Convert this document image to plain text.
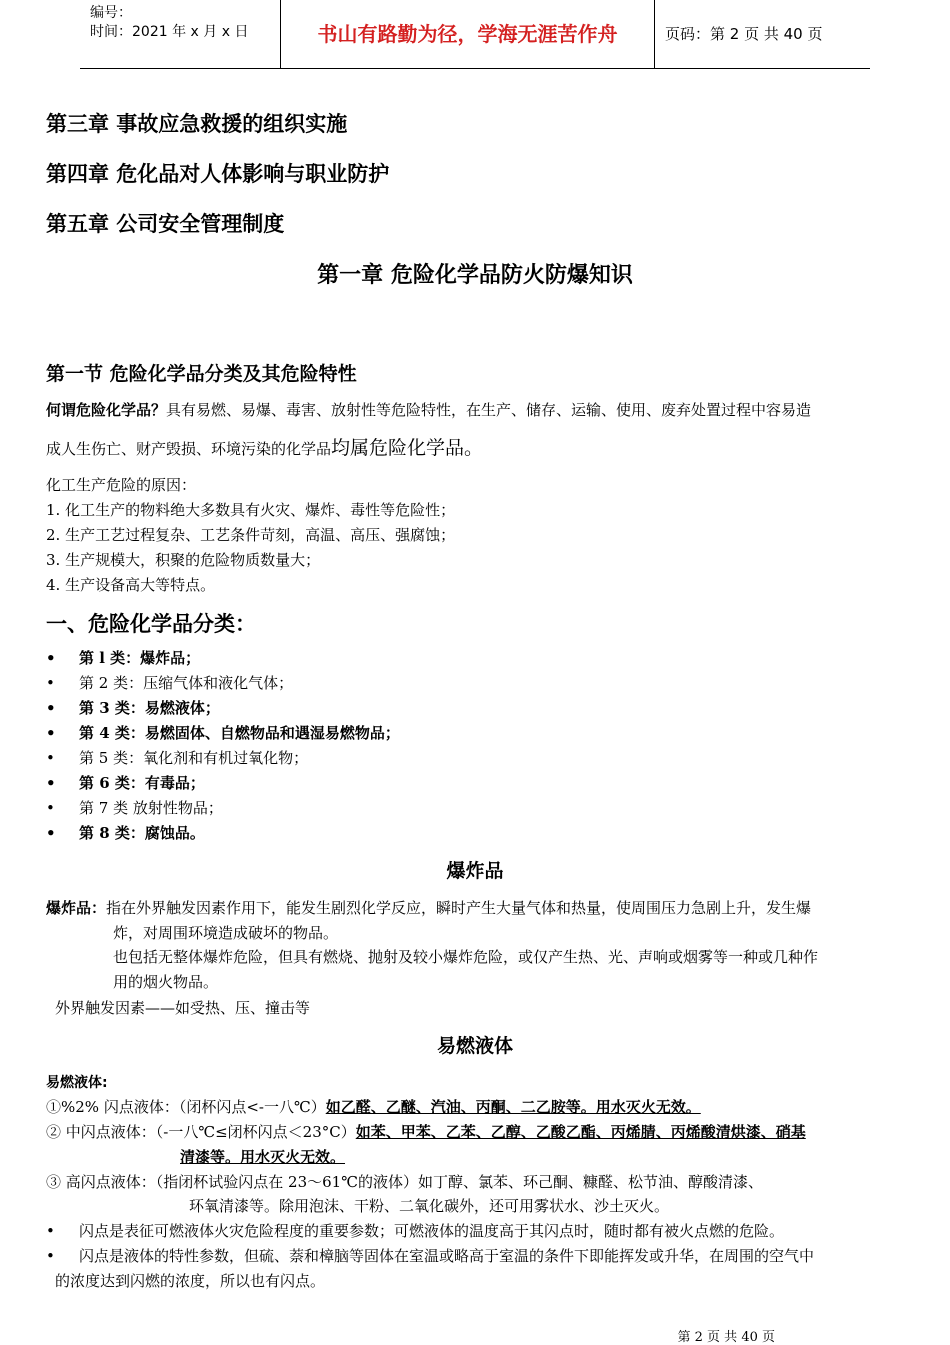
编号：
时间：2021 年 x 月 x 日	书山有路勤为径，学海无涯苦作舟	页码：第 2 页 共 40 页
第三章 事故应急救援的组织实施
第四章 危化品对人体影响与职业防护
第五章 公司安全管理制度
第一章 危险化学品防火防爆知识
第一节 危险化学品分类及其危险特性
何谓危险化学品？具有易燃、易爆、毒害、放射性等危险特性，在生产、储存、运输、使用、废弃处置过程中容易造
成人生伤亡、财产毁损、环境污染的化学品均属危险化学品。
化工生产危险的原因：
1. 化工生产的物料绝大多数具有火灾、爆炸、毒性等危险性；
2. 生产工艺过程复杂、工艺条件苛刻，高温、高压、强腐蚀；
3. 生产规模大，积聚的危险物质数量大；
4. 生产设备高大等特点。
一、危险化学品分类：
• 第 l 类：爆炸品；
• 第 2 类：压缩气体和液化气体；
• 第 3 类：易燃液体；
• 第 4 类：易燃固体、自燃物品和遇湿易燃物品；
• 第 5 类：氧化剂和有机过氧化物；
• 第 6 类：有毒品；
• 第 7 类 放射性物品；
• 第 8 类：腐蚀品。
爆炸品
爆炸品：指在外界触发因素作用下，能发生剧烈化学反应，瞬时产生大量气体和热量，使周围压力急剧上升，发生爆
炸，对周围环境造成破坏的物品。
也包括无整体爆炸危险，但具有燃烧、抛射及较小爆炸危险，或仅产生热、光、声响或烟雾等一种或几种作
用的烟火物品。
外界触发因素——如受热、压、撞击等
易燃液体
易燃液体:
①%2% 闪点液体：（闭杯闪点<-一八℃）如乙醛、乙醚、汽油、丙酮、二乙胺等。用水灭火无效。
② 中闪点液体：（-一八℃≤闭杯闪点＜23°C）如苯、甲苯、乙苯、乙醇、乙酸乙酯、丙烯腈、丙烯酸清烘漆、硝基
清漆等。用水灭火无效。
③ 高闪点液体：（指闭杯试验闪点在 23～61℃的液体）如丁醇、氯苯、环己酮、糠醛、松节油、醇酸清漆、
环氧清漆等。除用泡沫、干粉、二氧化碳外，还可用雾状水、沙土灭火。
• 闪点是表征可燃液体火灾危险程度的重要参数；可燃液体的温度高于其闪点时，随时都有被火点燃的危险。
• 闪点是液体的特性参数，但硫、萘和樟脑等固体在室温或略高于室温的条件下即能挥发或升华，在周围的空气中
的浓度达到闪燃的浓度，所以也有闪点。
第 2 页 共 40 页
